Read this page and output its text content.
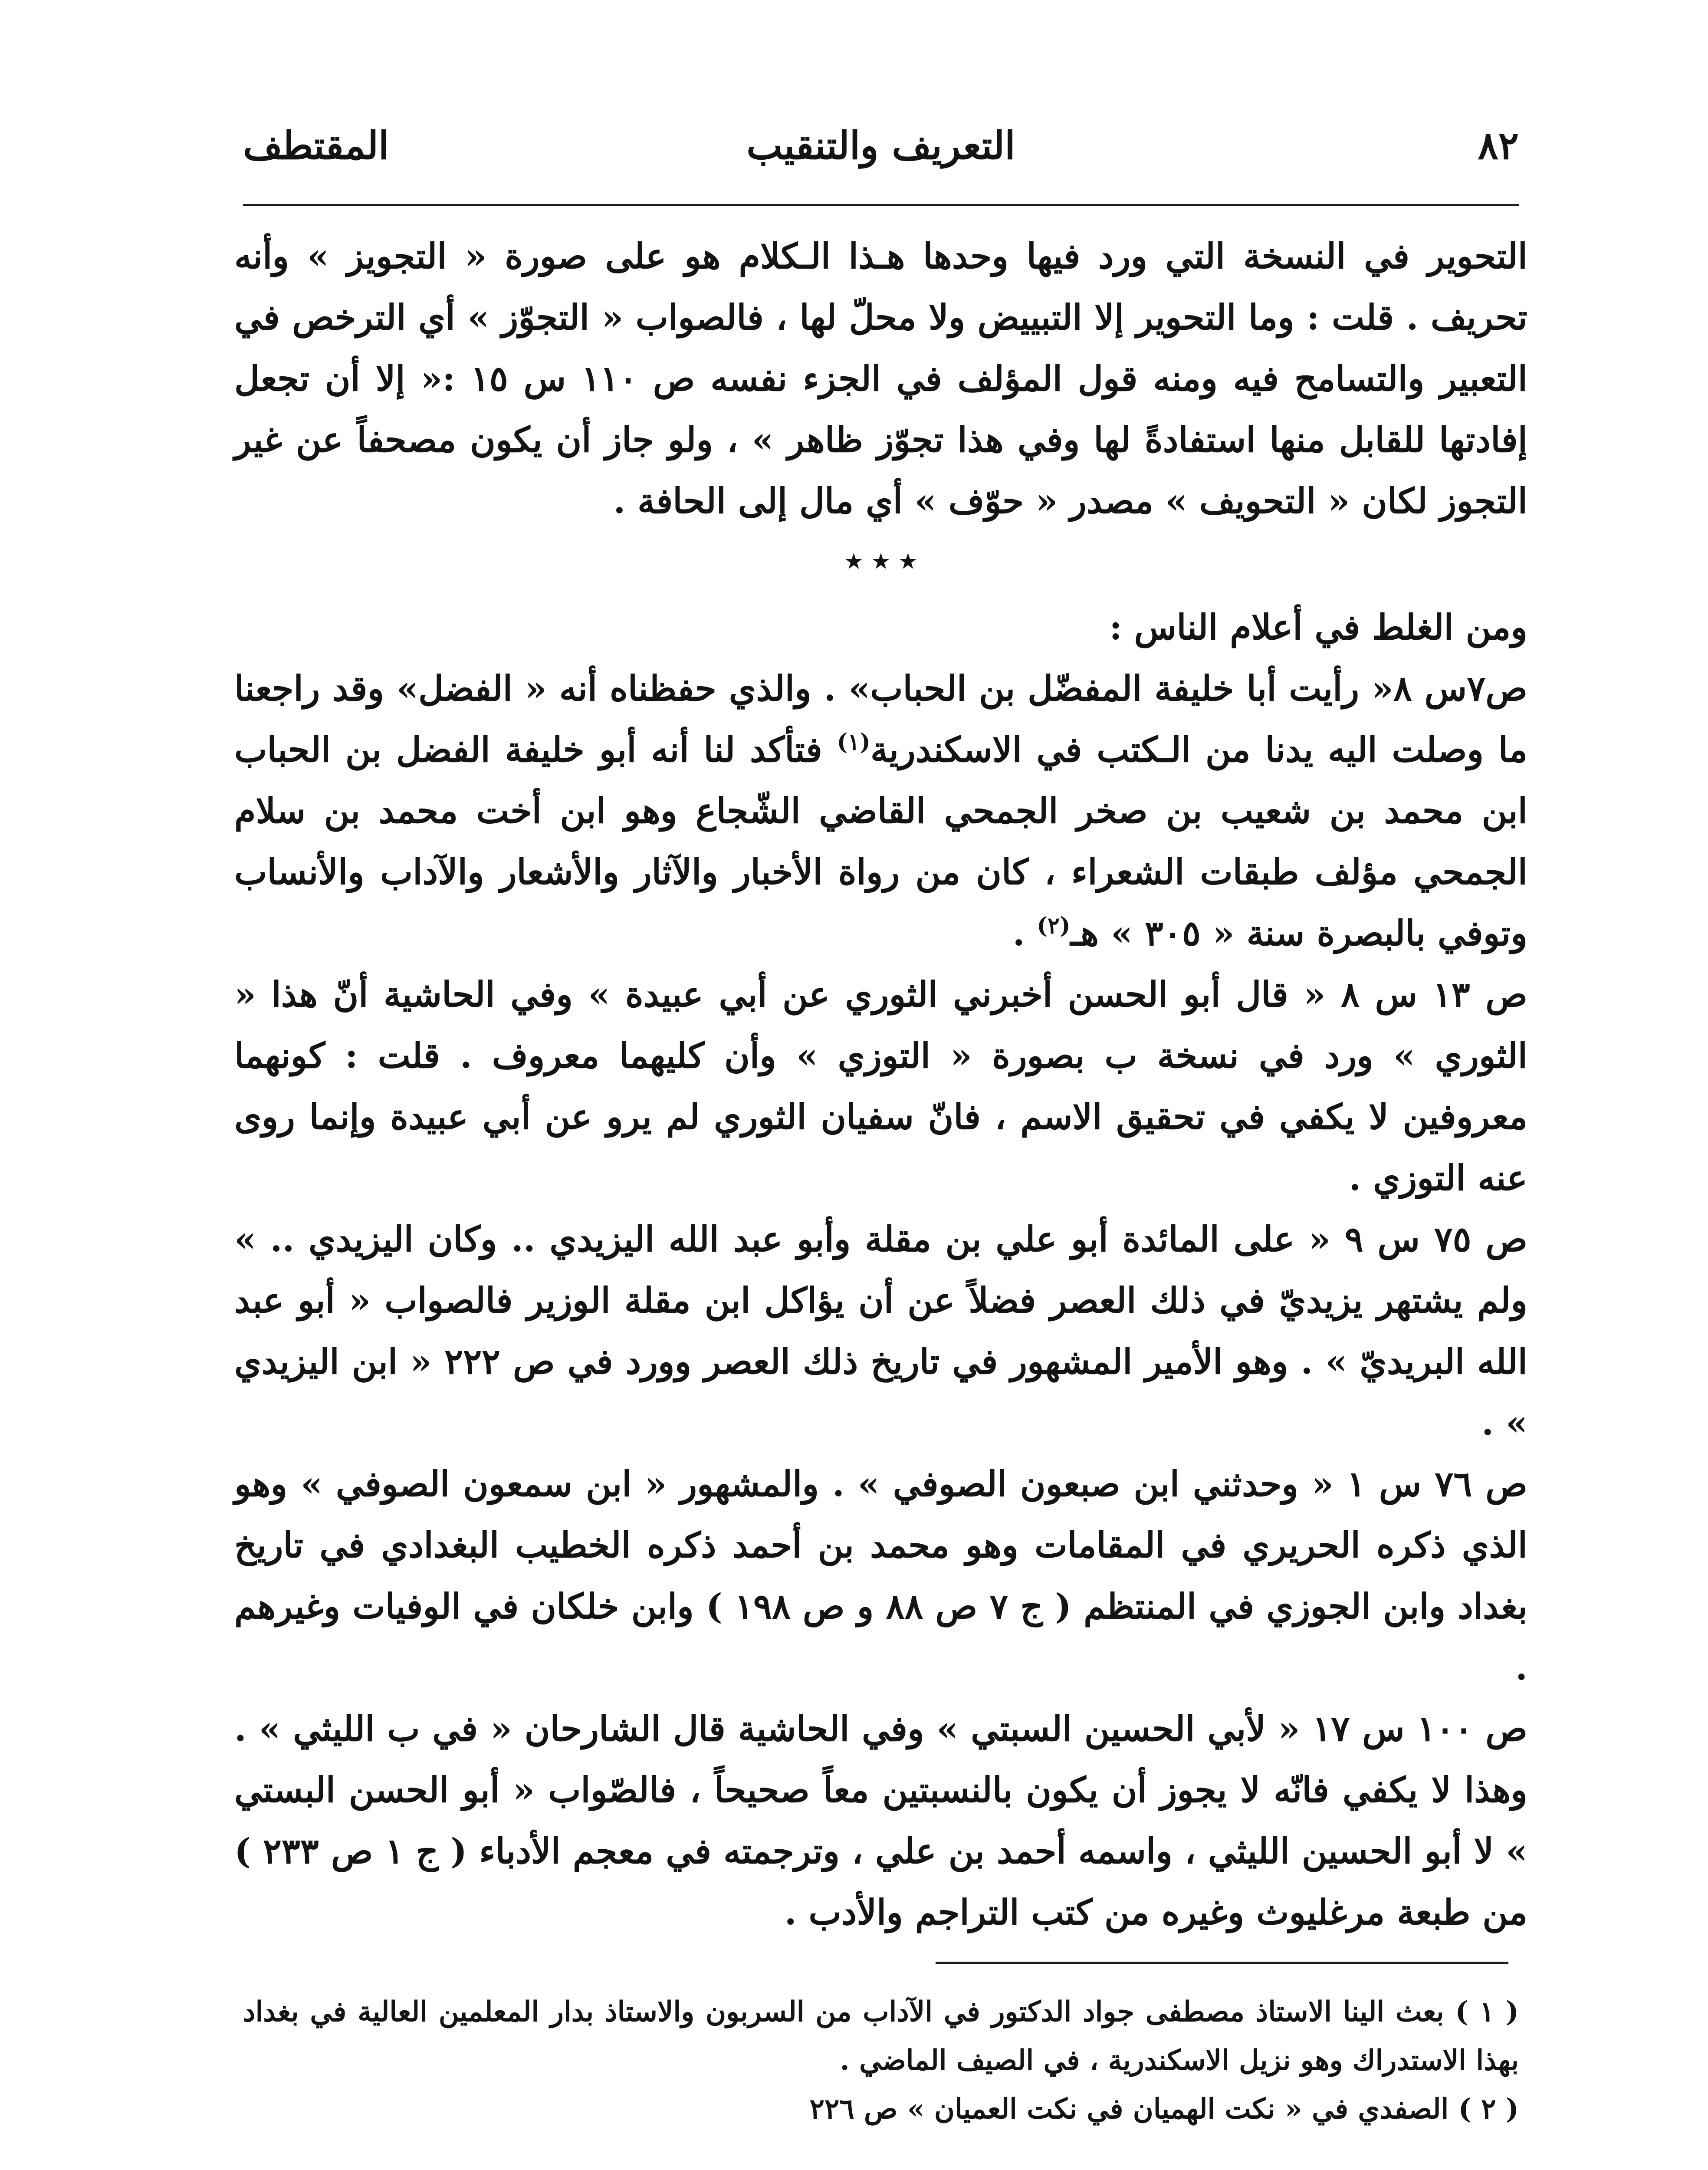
٨٢
التعريف والتنقيب
المقتطف

التحوير في النسخة التي ورد فيها وحدها هـذا الـكلام هو على صورة « التجويز » وأنه تحريف . قلت : وما التحوير إلا التبييض ولا محلّ لها ، فالصواب « التجوّز » أي الترخص في التعبير والتسامح فيه ومنه قول المؤلف في الجزء نفسه ص ١١٠ س ١٥ :« إلا أن تجعل إفادتها للقابل منها استفادةً لها وفي هذا تجوّز ظاهر » ، ولو جاز أن يكون مصحفاً عن غير التجوز لكان « التحويف » مصدر « حوّف » أي مال إلى الحافة .

٭ ٭ ٭

ومن الغلط في أعلام الناس :

ص٧س ٨« رأيت أبا خليفة المفضّل بن الحباب» . والذي حفظناه أنه « الفضل» وقد راجعنا ما وصلت اليه يدنا من الـكتب في الاسكندرية$^{(١)}$ فتأكد لنا أنه أبو خليفة الفضل بن الحباب ابن محمد بن شعيب بن صخر الجمحي القاضي الشّجاع وهو ابن أخت محمد بن سلام الجمحي مؤلف طبقات الشعراء ، كان من رواة الأخبار والآثار والأشعار والآداب والأنساب وتوفي بالبصرة سنة « ٣٠٥ » هـ$^{(٢)}$ .

ص ١٣ س ٨ « قال أبو الحسن أخبرني الثوري عن أبي عبيدة » وفي الحاشية أنّ هذا « الثوري » ورد في نسخة ب بصورة « التوزي » وأن كليهما معروف . قلت : كونهما معروفين لا يكفي في تحقيق الاسم ، فانّ سفيان الثوري لم يرو عن أبي عبيدة وإنما روى عنه التوزي .

ص ٧٥ س ٩ « على المائدة أبو علي بن مقلة وأبو عبد الله اليزيدي .. وكان اليزيدي .. » ولم يشتهر يزيديّ في ذلك العصر فضلاً عن أن يؤاكل ابن مقلة الوزير فالصواب « أبو عبد الله البريديّ » . وهو الأمير المشهور في تاريخ ذلك العصر وورد في ص ٢٢٢ « ابن اليزيدي » .

ص ٧٦ س ١ « وحدثني ابن صبعون الصوفي » . والمشهور « ابن سمعون الصوفي » وهو الذي ذكره الحريري في المقامات وهو محمد بن أحمد ذكره الخطيب البغدادي في تاريخ بغداد وابن الجوزي في المنتظم ( ج ٧ ص ٨٨ و ص ١٩٨ ) وابن خلكان في الوفيات وغيرهم .

ص ١٠٠ س ١٧ « لأبي الحسين السبتي » وفي الحاشية قال الشارحان « في ب الليثي » . وهذا لا يكفي فانّه لا يجوز أن يكون بالنسبتين معاً صحيحاً ، فالصّواب « أبو الحسن البستي » لا أبو الحسين الليثي ، واسمه أحمد بن علي ، وترجمته في معجم الأدباء ( ج ١ ص ٢٣٣ ) من طبعة مرغليوث وغيره من كتب التراجم والأدب .

( ١ ) بعث الينا الاستاذ مصطفى جواد الدكتور في الآداب من السربون والاستاذ بدار المعلمين العالية في بغداد بهذا الاستدراك وهو نزيل الاسكندرية ، في الصيف الماضي .

( ٢ ) الصفدي في « نكت الهميان في نكت العميان » ص ٢٢٦
